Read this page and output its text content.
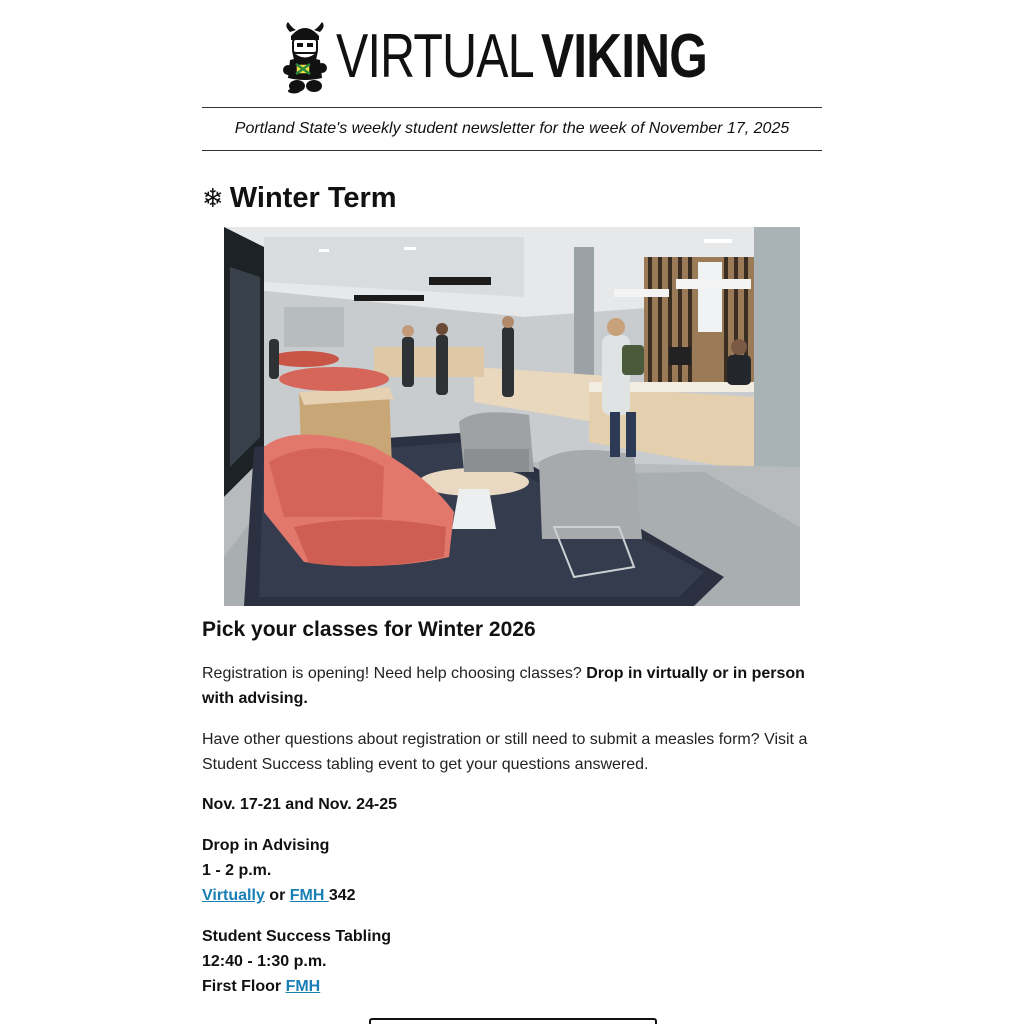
VIRTUAL VIKING
Portland State's weekly student newsletter for the week of November 17, 2025
❄ Winter Term
Pick your classes for Winter 2026
Registration is opening! Need help choosing classes? Drop in virtually or in person with advising.
Have other questions about registration or still need to submit a measles form? Visit a Student Success tabling event to get your questions answered.
Nov. 17-21 and Nov. 24-25
Drop in Advising
1 - 2 p.m.
Virtually or FMH 342
Student Success Tabling
12:40 - 1:30 p.m.
First Floor FMH
